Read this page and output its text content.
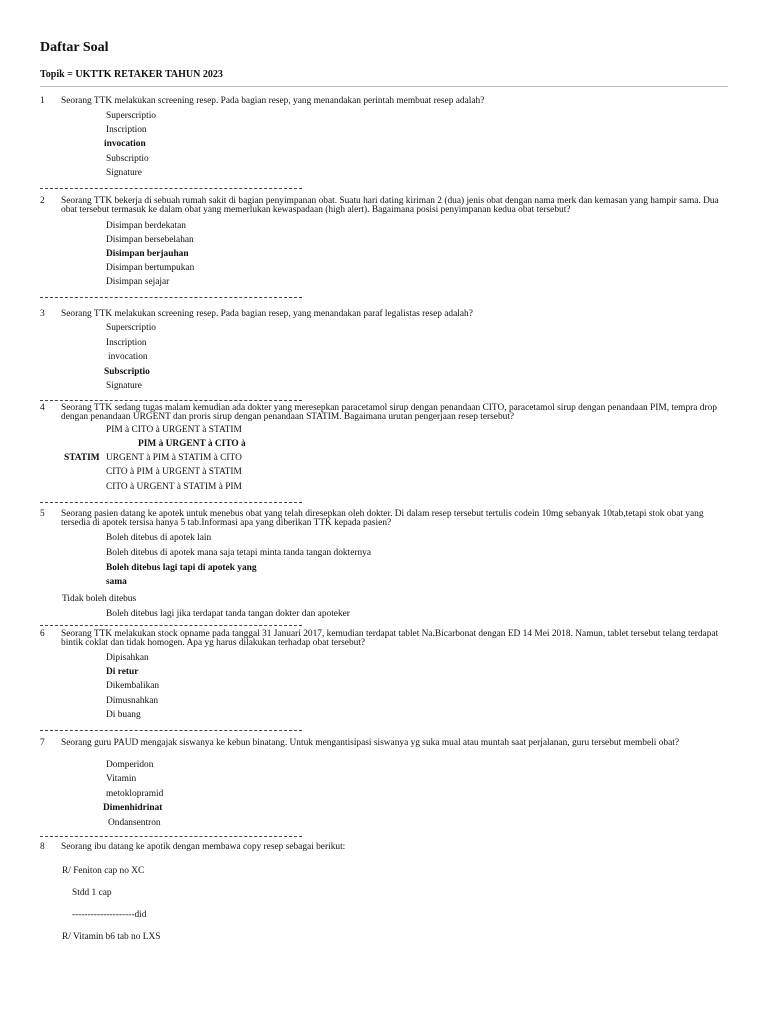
Daftar Soal
Topik = UKTTK RETAKER TAHUN 2023
1 Seorang TTK melakukan screening resep. Pada bagian resep, yang menandakan perintah membuat resep adalah?
Superscriptio
Inscription
invocation
Subscriptio
Signature
2 Seorang TTK bekerja di sebuah rumah sakit di bagian penyimpanan obat. Suatu hari dating kiriman 2 (dua) jenis obat dengan nama merk dan kemasan yang hampir sama. Dua obat tersebut termasuk ke dalam obat yang memerlukan kewaspadaan (high alert). Bagaimana posisi penyimpanan kedua obat tersebut?
Disimpan berdekatan
Disimpan bersebelahan
Disimpan berjauhan
Disimpan bertumpukan
Disimpan sejajar
3 Seorang TTK melakukan screening resep. Pada bagian resep, yang menandakan paraf legalistas resep adalah?
Superscriptio
Inscription
invocation
Subscriptio
Signature
4 Seorang TTK sedang tugas malam kemudian ada dokter yang meresepkan paracetamol sirup dengan penandaan CITO, paracetamol sirup dengan penandaan PIM, tempra drop dengan penandaan URGENT dan proris sirup dengan penandaan STATIM. Bagaimana urutan pengerjaan resep tersebut?
PIM à CITO à URGENT à STATIM
PIM à URGENT à CITO à
STATIM URGENT à PIM à STATIM à CITO
CITO à PIM à URGENT à STATIM
CITO à URGENT à STATIM à PIM
5 Seorang pasien datang ke apotek untuk menebus obat yang telah diresepkan oleh dokter. Di dalam resep tersebut tertulis codein 10mg sebanyak 10tab,tetapi stok obat yang tersedia di apotek tersisa hanya 5 tab.Informasi apa yang diberikan TTK kepada pasien?
Boleh ditebus di apotek lain
Boleh ditebus di apotek mana saja tetapi minta tanda tangan dokternya
Boleh ditebus lagi tapi di apotek yang
sama
Tidak boleh ditebus
Boleh ditebus lagi jika terdapat tanda tangan dokter dan apoteker
6 Seorang TTK melakukan stock opname pada tanggal 31 Januari 2017, kemudian terdapat tablet Na.Bicarbonat dengan ED 14 Mei 2018. Namun, tablet tersebut telang terdapat bintik coklat dan tidak homogen. Apa yg harus dilakukan terhadap obat tersebut?
Dipisahkan
Di retur
Dikembalikan
Dimusnahkan
Di buang
7 Seorang guru PAUD mengajak siswanya ke kebun binatang. Untuk mengantisipasi siswanya yg suka mual atau muntah saat perjalanan, guru tersebut membeli obat?
Domperidon
Vitamin
metoklopramid
Dimenhidrinat
Ondansentron
8 Seorang ibu datang ke apotik dengan membawa copy resep sebagai berikut:
R/ Feniton cap no XC
Stdd 1 cap
--------------------did
R/ Vitamin b6 tab no LXS
